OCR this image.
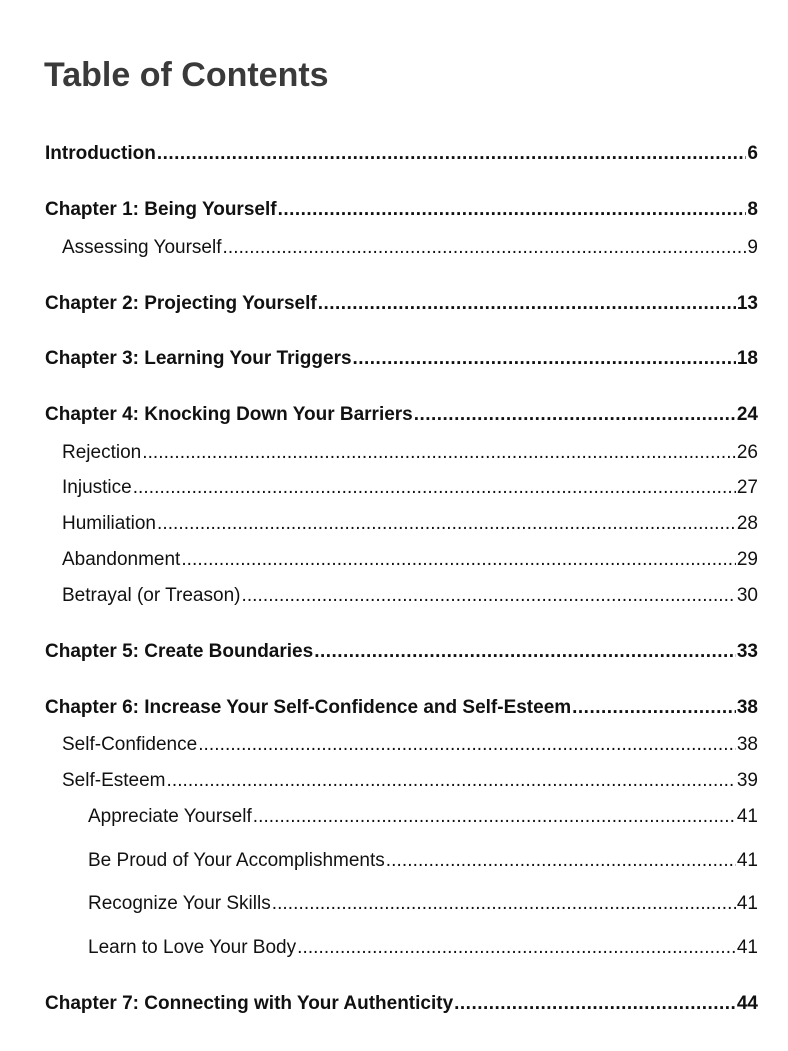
Table of Contents
Introduction . . .	6
Chapter 1: Being Yourself . . .	8
Assessing Yourself . . .	9
Chapter 2: Projecting Yourself . . .	13
Chapter 3: Learning Your Triggers . . .	18
Chapter 4: Knocking Down Your Barriers . . .	24
Rejection . . .	26
Injustice . . .	27
Humiliation . . .	28
Abandonment . . .	29
Betrayal (or Treason) . . .	30
Chapter 5: Create Boundaries . . .	33
Chapter 6: Increase Your Self-Confidence and Self-Esteem . . .	38
Self-Confidence . . .	38
Self-Esteem . . .	39
Appreciate Yourself . . .	41
Be Proud of Your Accomplishments . . .	41
Recognize Your Skills . . .	41
Learn to Love Your Body . . .	41
Chapter 7: Connecting with Your Authenticity . . .	44
